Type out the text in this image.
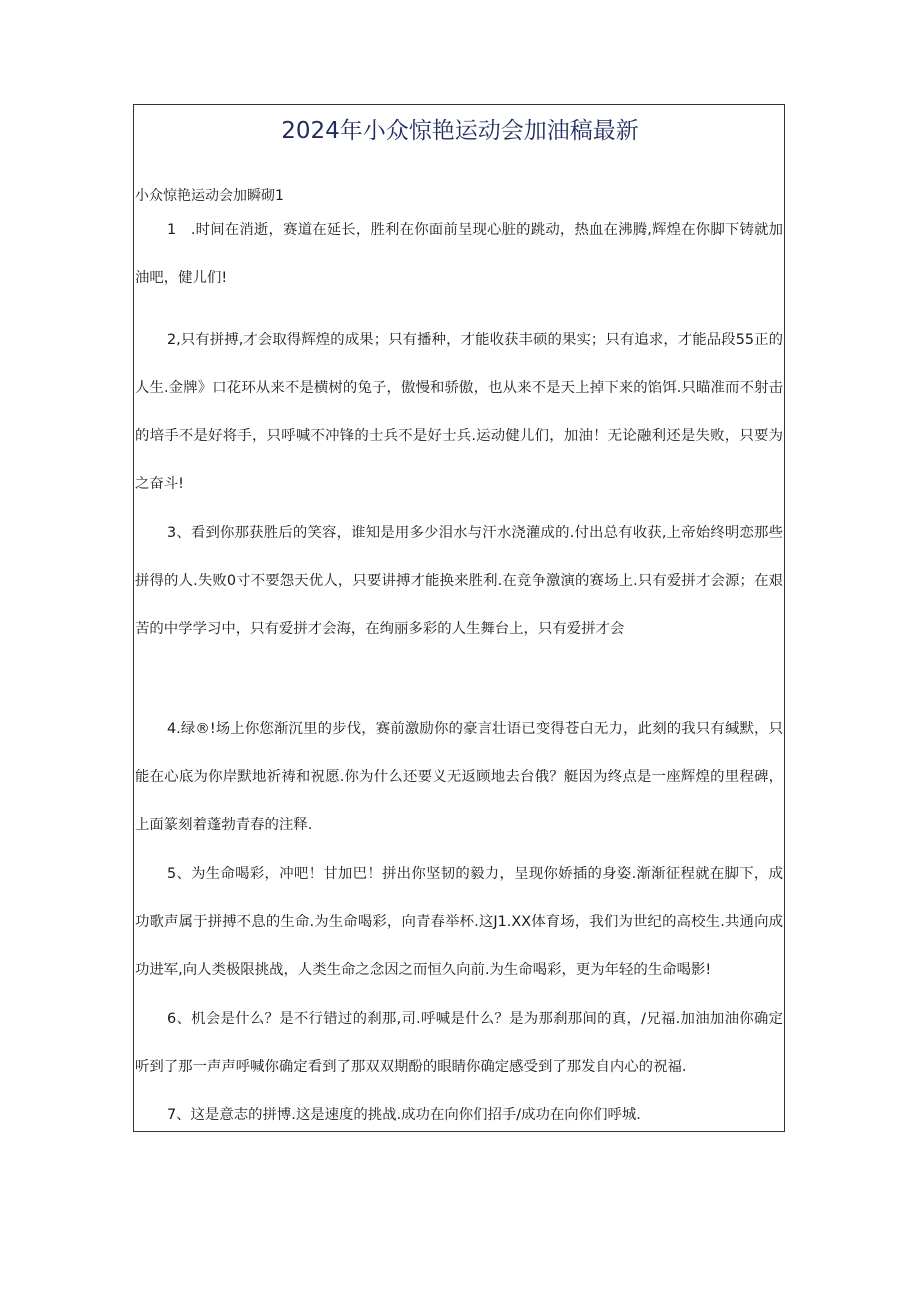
2024年小众惊艳运动会加油稿最新

小众惊艳运动会加瞬砌1

1　.时间在消逝，赛道在延长，胜利在你面前呈现心脏的跳动，热血在沸腾,辉煌在你脚下铸就加油吧，健儿们!

2,只有拼搏,才会取得辉煌的成果；只有播种，才能收获丰硕的果实；只有追求，才能品段55正的人生.金牌》口花环从来不是横树的兔子，傲慢和骄傲，也从来不是天上掉下来的馅饵.只瞄准而不射击的培手不是好将手，只呼喊不冲锋的士兵不是好士兵.运动健儿们，加油！无论融利还是失败，只要为之奋斗!

3、看到你那获胜后的笑容，谁知是用多少泪水与汗水浇灌成的.付出总有收获,上帝始终明恋那些拼得的人.失败0寸不要怨天优人，只要讲搏才能换来胜利.在竞争激演的赛场上.只有爱拼才会源；在艰苦的中学学习中，只有爱拼才会海，在绚丽多彩的人生舞台上，只有爱拼才会

4.绿®!场上你您渐沉里的步伐，赛前激励你的豪言壮语已变得苍白无力，此刻的我只有缄默，只能在心底为你岸默地祈祷和祝愿.你为什么还要义无返顾地去台俄？艇因为终点是一座辉煌的里程碑，上面篆刻着蓬勃青春的注释.

5、为生命喝彩，冲吧！甘加巴！拼出你坚韧的毅力，呈现你娇插的身姿.渐渐征程就在脚下，成功歌声属于拼搏不息的生命.为生命喝彩，向青春举杯.这J1.XX体育场，我们为世纪的高校生.共通向成功进军,向人类极限挑战，人类生命之念因之而恒久向前.为生命喝彩，更为年轻的生命喝影!

6、机会是什么？是不行错过的刹那,司.呼喊是什么？是为那刹那间的真，/兄福.加油加油你确定听到了那一声声呼喊你确定看到了那双双期酚的眼睛你确定感受到了那发自内心的祝福.

7、这是意志的拼博.这是速度的挑战.成功在向你们招手/成功在向你们呼城.
